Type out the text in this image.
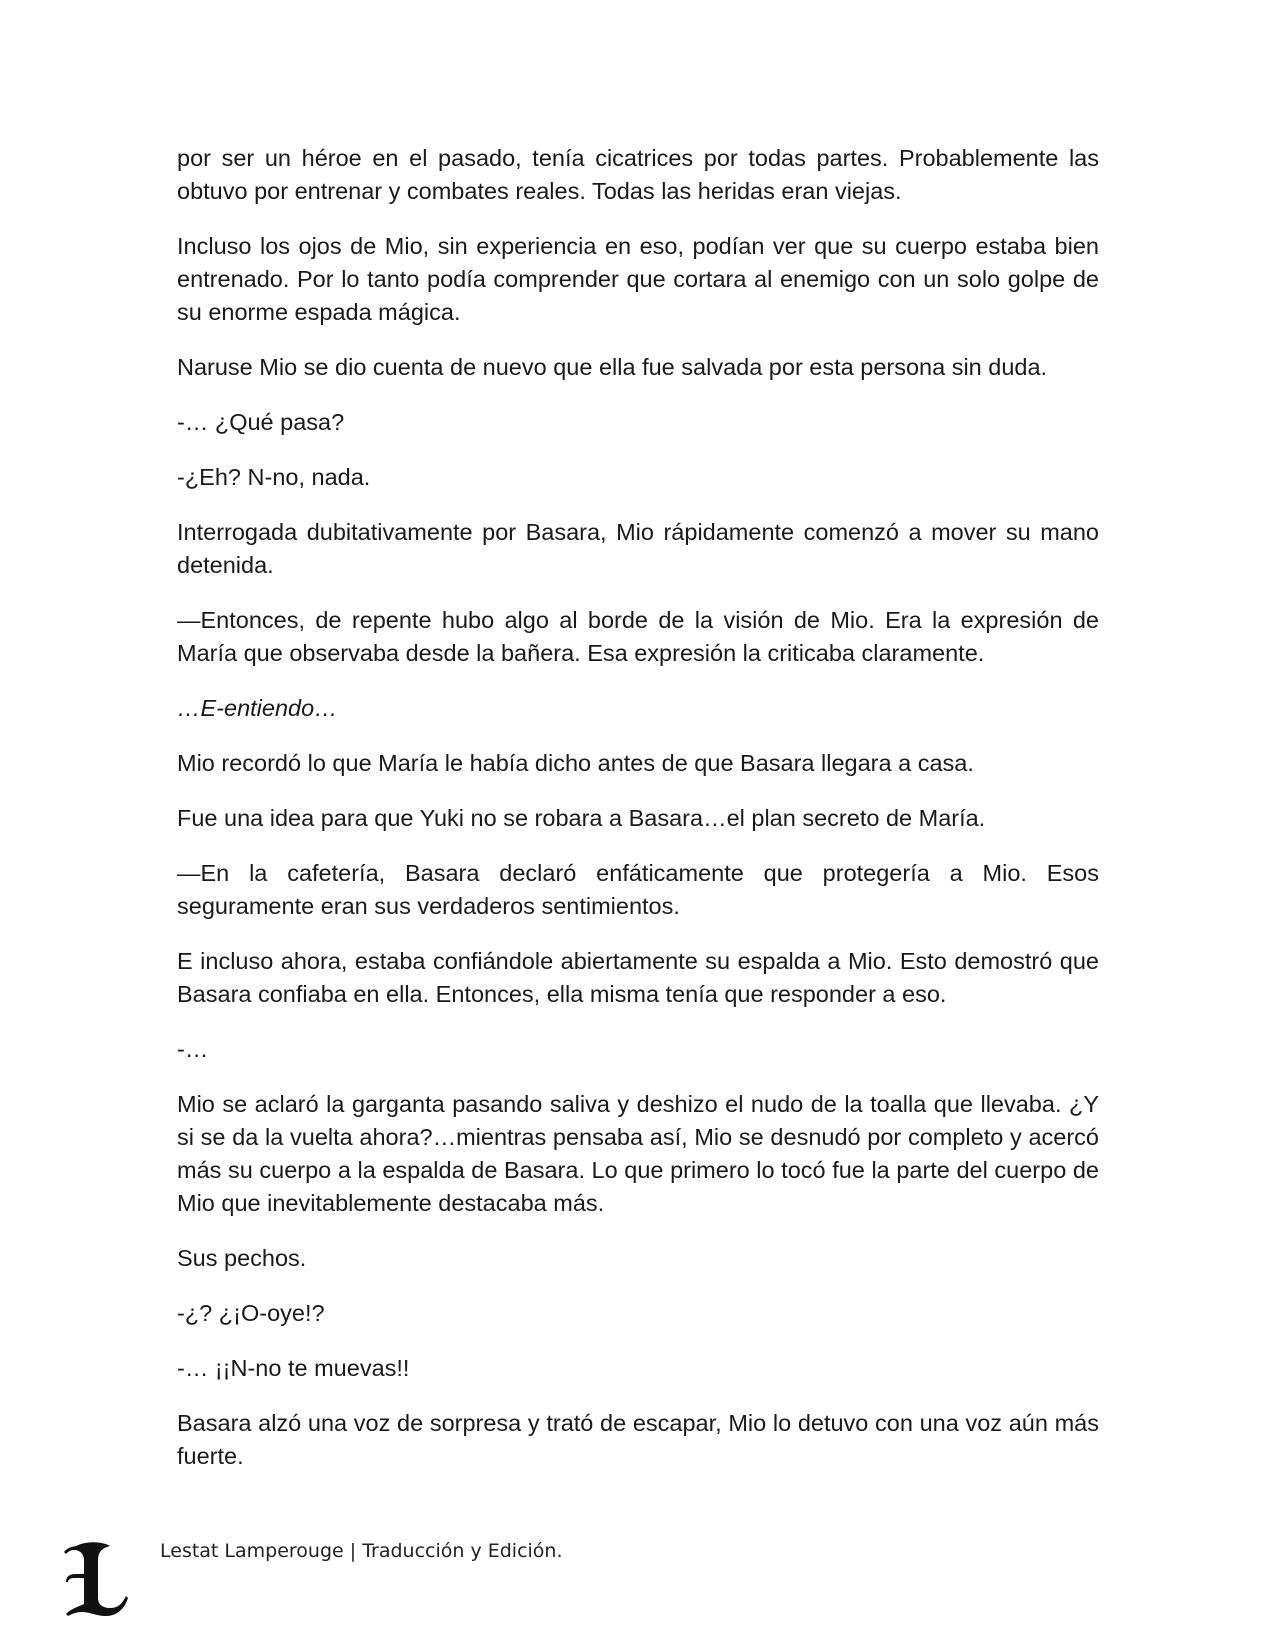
por ser un héroe en el pasado, tenía cicatrices por todas partes. Probablemente las obtuvo por entrenar y combates reales. Todas las heridas eran viejas.

Incluso los ojos de Mio, sin experiencia en eso, podían ver que su cuerpo estaba bien entrenado. Por lo tanto podía comprender que cortara al enemigo con un solo golpe de su enorme espada mágica.

Naruse Mio se dio cuenta de nuevo que ella fue salvada por esta persona sin duda.

-… ¿Qué pasa?

-¿Eh? N-no, nada.

Interrogada dubitativamente por Basara, Mio rápidamente comenzó a mover su mano detenida.

—Entonces, de repente hubo algo al borde de la visión de Mio. Era la expresión de María que observaba desde la bañera. Esa expresión la criticaba claramente.

…E-entiendo…

Mio recordó lo que María le había dicho antes de que Basara llegara a casa.

Fue una idea para que Yuki no se robara a Basara…el plan secreto de María.

—En la cafetería, Basara declaró enfáticamente que protegería a Mio. Esos seguramente eran sus verdaderos sentimientos.

E incluso ahora, estaba confiándole abiertamente su espalda a Mio. Esto demostró que Basara confiaba en ella. Entonces, ella misma tenía que responder a eso.

-…

Mio se aclaró la garganta pasando saliva y deshizo el nudo de la toalla que llevaba. ¿Y si se da la vuelta ahora?…mientras pensaba así, Mio se desnudó por completo y acercó más su cuerpo a la espalda de Basara. Lo que primero lo tocó fue la parte del cuerpo de Mio que inevitablemente destacaba más.

Sus pechos.

-¿? ¿¡O-oye!?

-… ¡¡N-no te muevas!!

Basara alzó una voz de sorpresa y trató de escapar, Mio lo detuvo con una voz aún más fuerte.

Lestat Lamperouge | Traducción y Edición.
